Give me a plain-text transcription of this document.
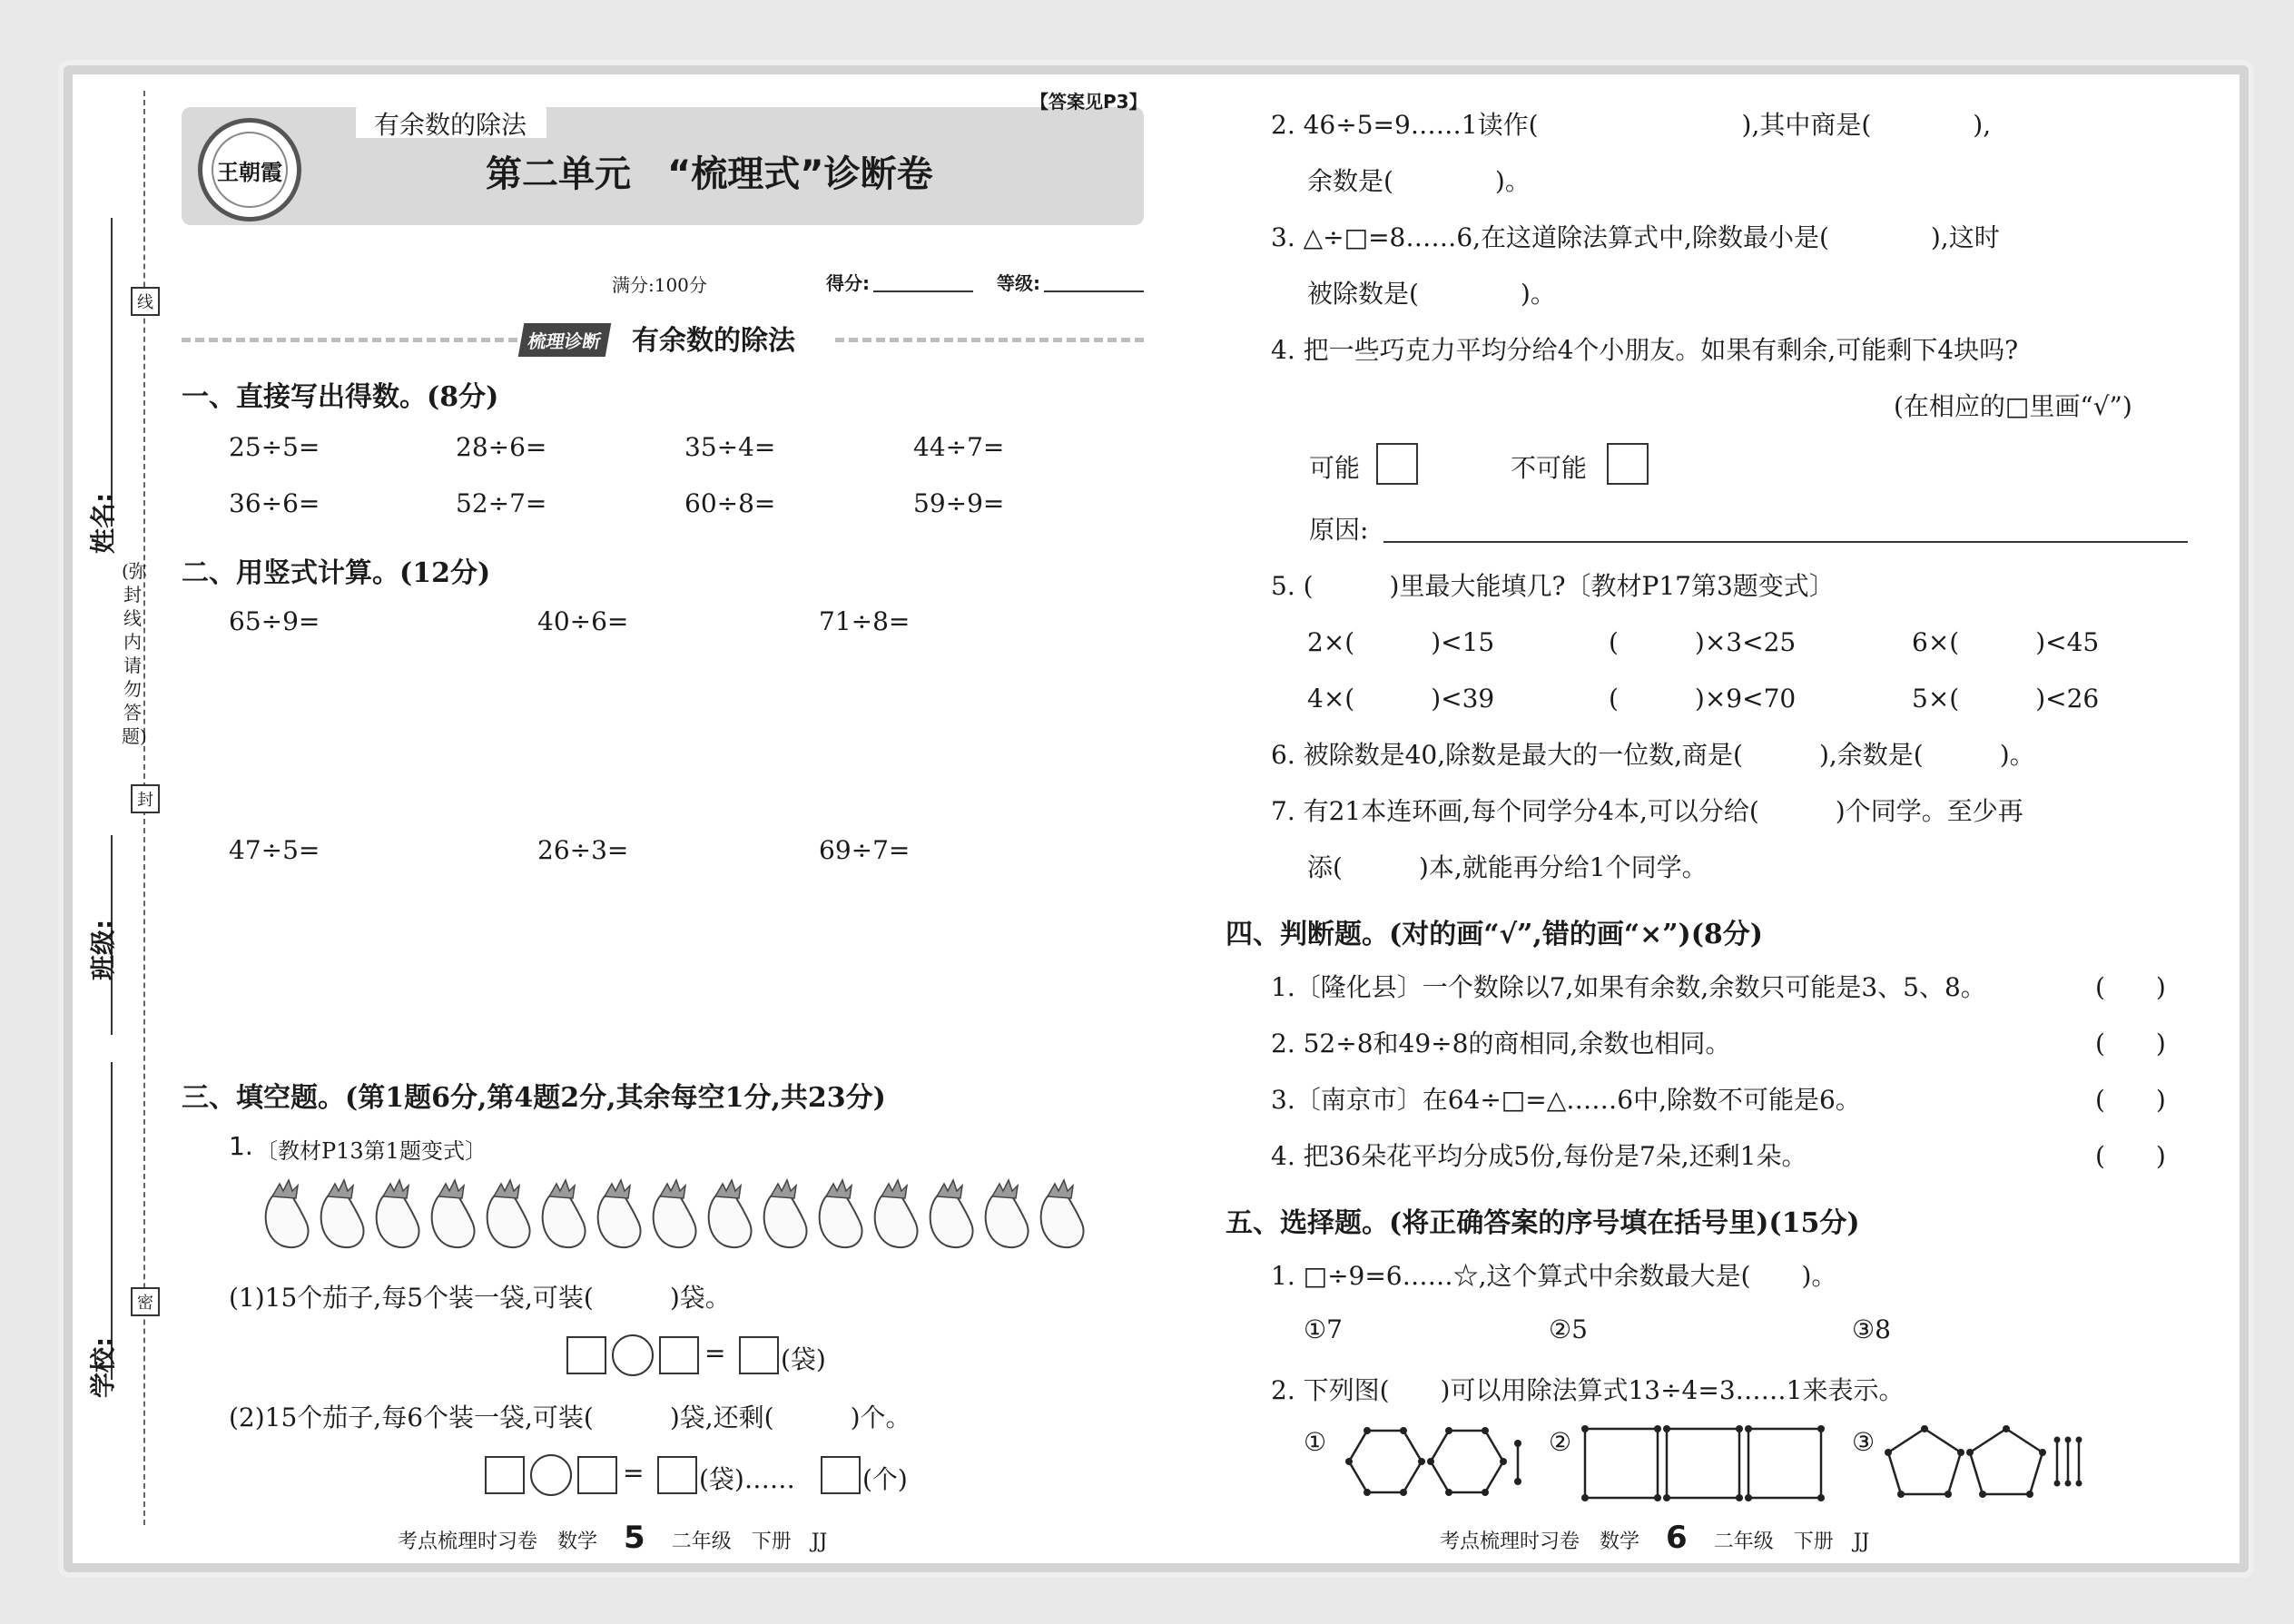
姓名:
班级:
学校:
线
封
密
(弥封线内请勿答题)
有余数的除法
【答案见P3】
王朝霞	第二单元　“梳理式”诊断卷
满分:100分	得分:	等级:
梳理诊断	有余数的除法
一、直接写出得数。(8分)
25÷5=	28÷6=	35÷4=	44÷7=
36÷6=	52÷7=	60÷8=	59÷9=
二、用竖式计算。(12分)
65÷9=	40÷6=	71÷8=
47÷5=	26÷3=	69÷7=
三、填空题。(第1题6分,第4题2分,其余每空1分,共23分)
1. 〔教材P13第1题变式〕
(1)15个茄子,每5个装一袋,可装(　　　)袋。
= (袋)
(2)15个茄子,每6个装一袋,可装(　　　)袋,还剩(　　　)个。
= (袋)……	(个)
考点梳理时习卷　数学 5 二年级　下册　JJ
2. 46÷5=9……1读作(　　　　　　　　),其中商是(　　　　),
余数是(　　　　)。
3. △÷□=8……6,在这道除法算式中,除数最小是(　　　　),这时
被除数是(　　　　)。
4. 把一些巧克力平均分给4个小朋友。如果有剩余,可能剩下4块吗?
(在相应的□里画“√”)
可能	不可能
原因:
5. (　　　)里最大能填几?〔教材P17第3题变式〕
2×(　　　)<15	(　　　)×3<25	6×(　　　)<45
4×(　　　)<39	(　　　)×9<70	5×(　　　)<26
6. 被除数是40,除数是最大的一位数,商是(　　　),余数是(　　　)。
7. 有21本连环画,每个同学分4本,可以分给(　　　)个同学。至少再
添(　　　)本,就能再分给1个同学。
四、判断题。(对的画“√”,错的画“×”)(8分)
1.〔隆化县〕一个数除以7,如果有余数,余数只可能是3、5、8。	(　　)
2. 52÷8和49÷8的商相同,余数也相同。	(　　)
3.〔南京市〕在64÷□=△……6中,除数不可能是6。	(　　)
4. 把36朵花平均分成5份,每份是7朵,还剩1朵。	(　　)
五、选择题。(将正确答案的序号填在括号里)(15分)
1. □÷9=6……☆,这个算式中余数最大是(　　)。
①7	②5	③8
2. 下列图(　　)可以用除法算式13÷4=3……1来表示。
①	②	③
考点梳理时习卷　数学 6 二年级　下册　JJ
